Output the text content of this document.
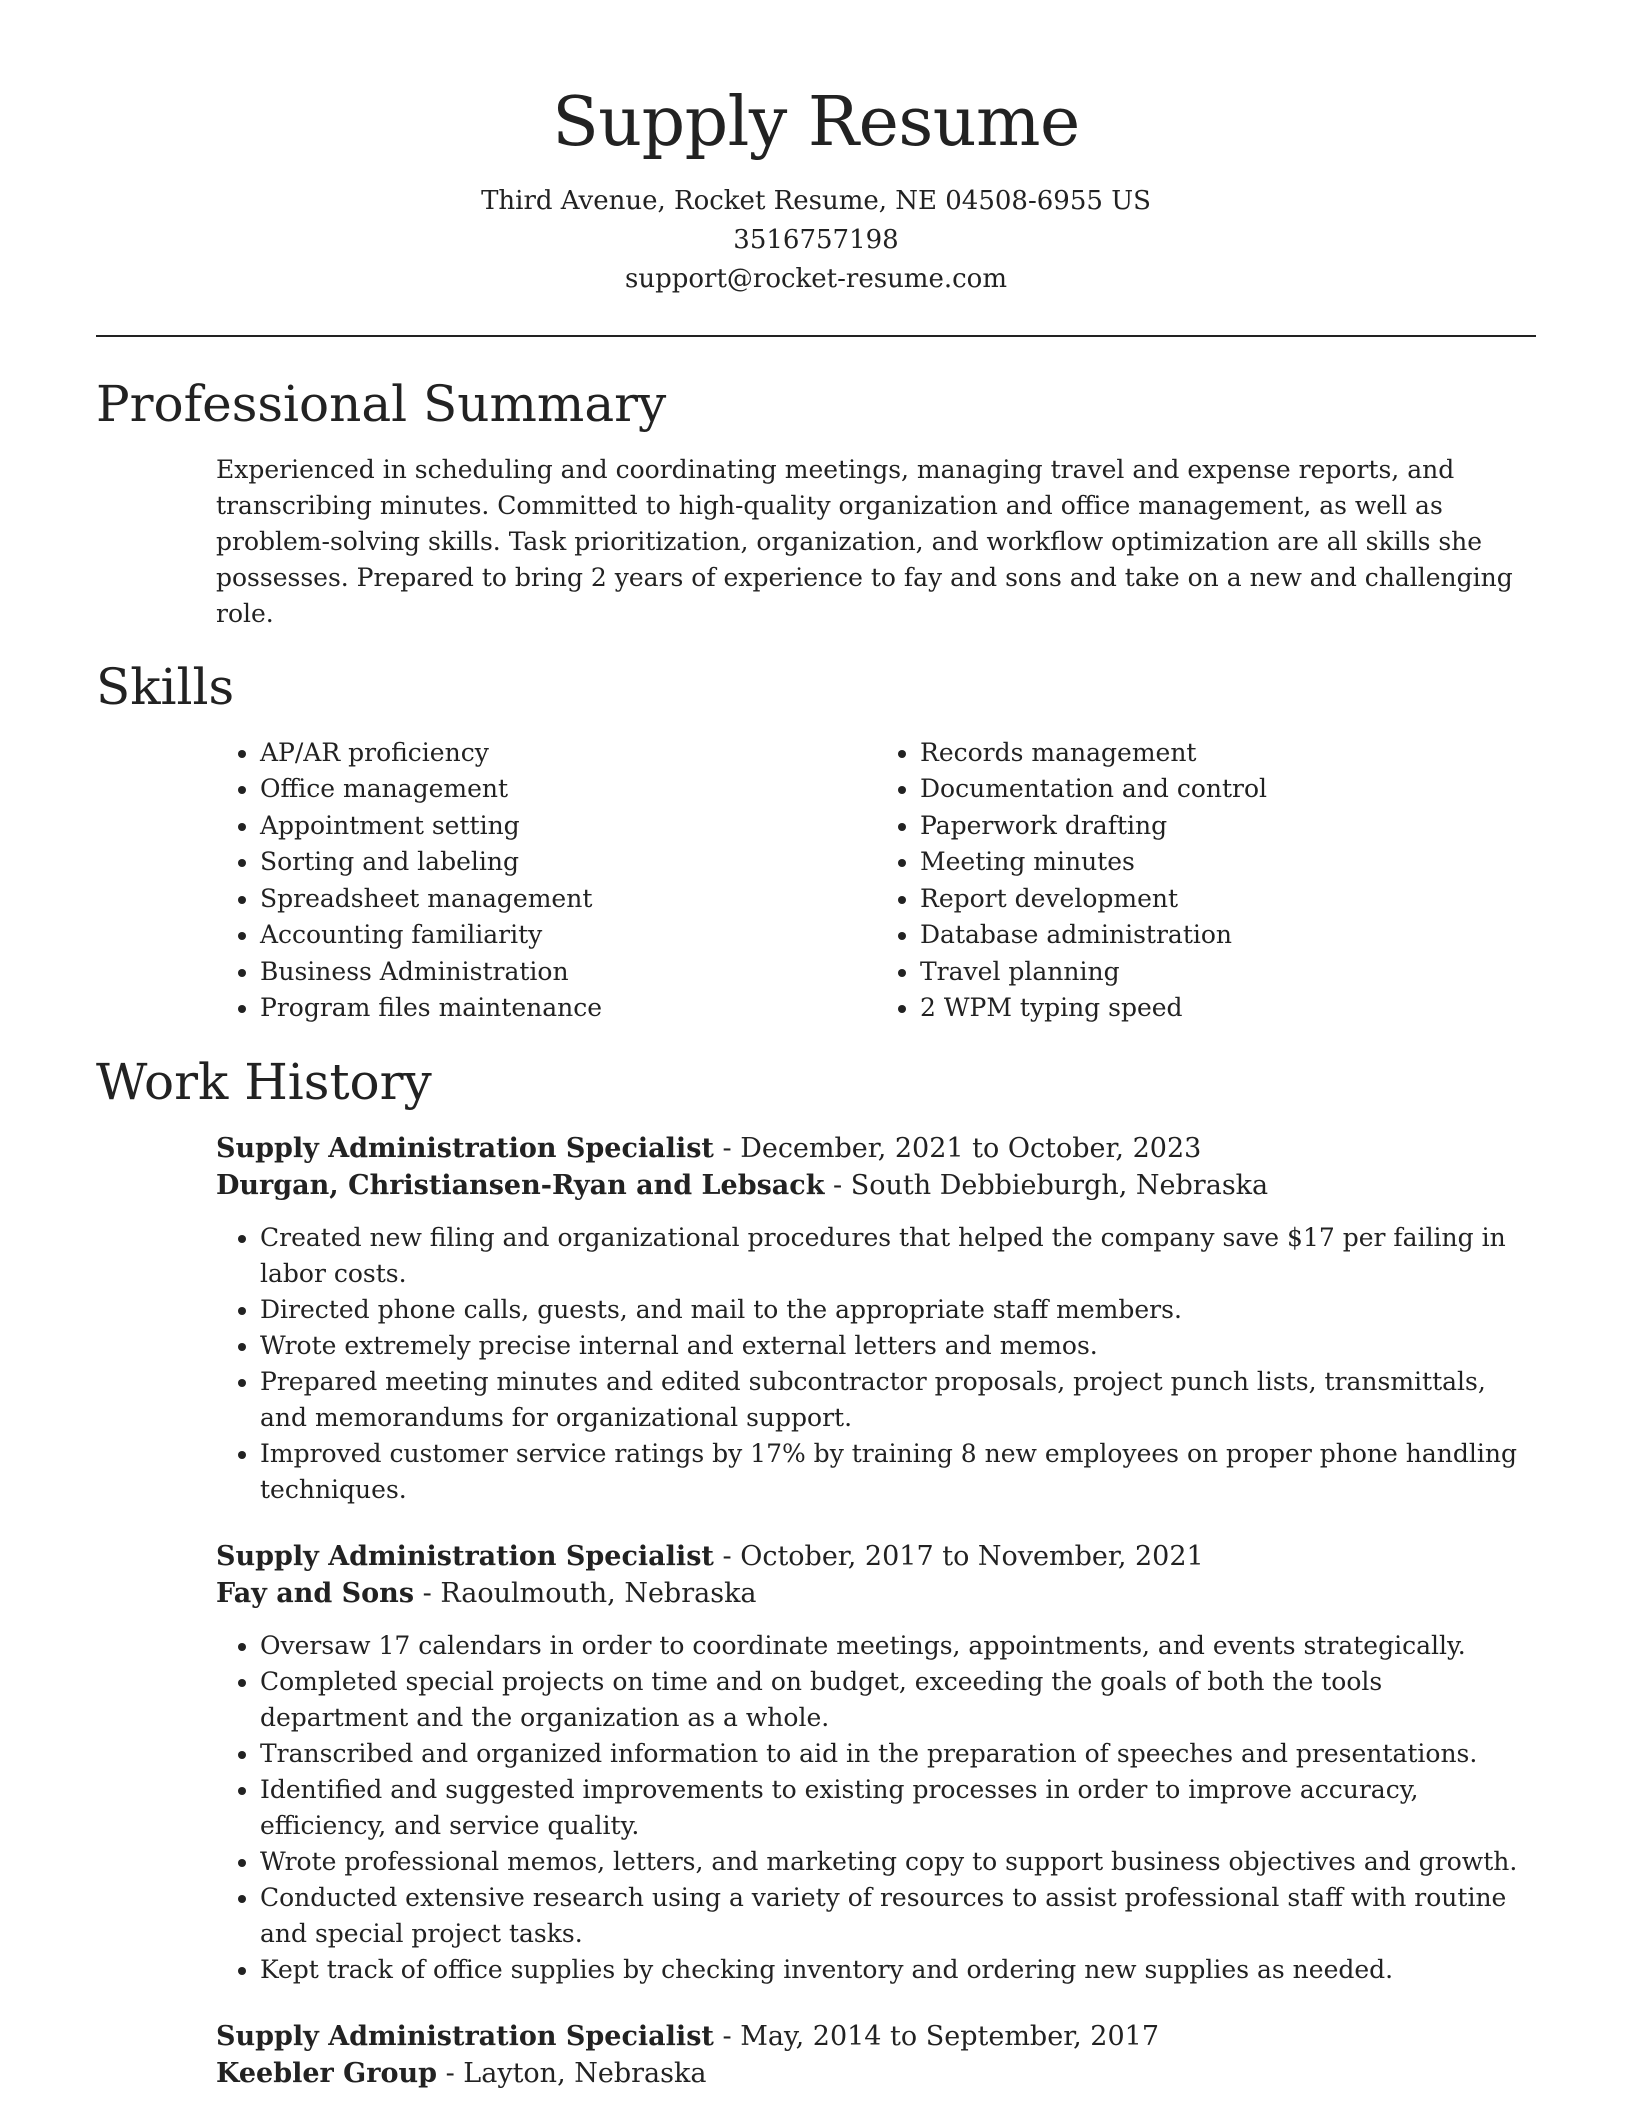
Supply Resume

Third Avenue, Rocket Resume, NE 04508-6955 US

3516757198

support@rocket-resume.com

Professional Summary

Experienced in scheduling and coordinating meetings, managing travel and expense reports, and transcribing minutes. Committed to high-quality organization and office management, as well as problem-solving skills. Task prioritization, organization, and workflow optimization are all skills she possesses. Prepared to bring 2 years of experience to fay and sons and take on a new and challenging role.

Skills
• AP/AR proficiency
• Office management
• Appointment setting
• Sorting and labeling
• Spreadsheet management
• Accounting familiarity
• Business Administration
• Program files maintenance
• Records management
• Documentation and control
• Paperwork drafting
• Meeting minutes
• Report development
• Database administration
• Travel planning
• 2 WPM typing speed
Work History

Supply Administration Specialist - December, 2021 to October, 2023

Durgan, Christiansen-Ryan and Lebsack - South Debbieburgh, Nebraska

• Created new filing and organizational procedures that helped the company save $17 per failing in labor costs.
• Directed phone calls, guests, and mail to the appropriate staff members.
• Wrote extremely precise internal and external letters and memos.
• Prepared meeting minutes and edited subcontractor proposals, project punch lists, transmittals, and memorandums for organizational support.
• Improved customer service ratings by 17% by training 8 new employees on proper phone handling techniques.

Supply Administration Specialist - October, 2017 to November, 2021

Fay and Sons - Raoulmouth, Nebraska

• Oversaw 17 calendars in order to coordinate meetings, appointments, and events strategically.
• Completed special projects on time and on budget, exceeding the goals of both the tools department and the organization as a whole.
• Transcribed and organized information to aid in the preparation of speeches and presentations.
• Identified and suggested improvements to existing processes in order to improve accuracy, efficiency, and service quality.
• Wrote professional memos, letters, and marketing copy to support business objectives and growth.
• Conducted extensive research using a variety of resources to assist professional staff with routine and special project tasks.
• Kept track of office supplies by checking inventory and ordering new supplies as needed.

Supply Administration Specialist - May, 2014 to September, 2017

Keebler Group - Layton, Nebraska
